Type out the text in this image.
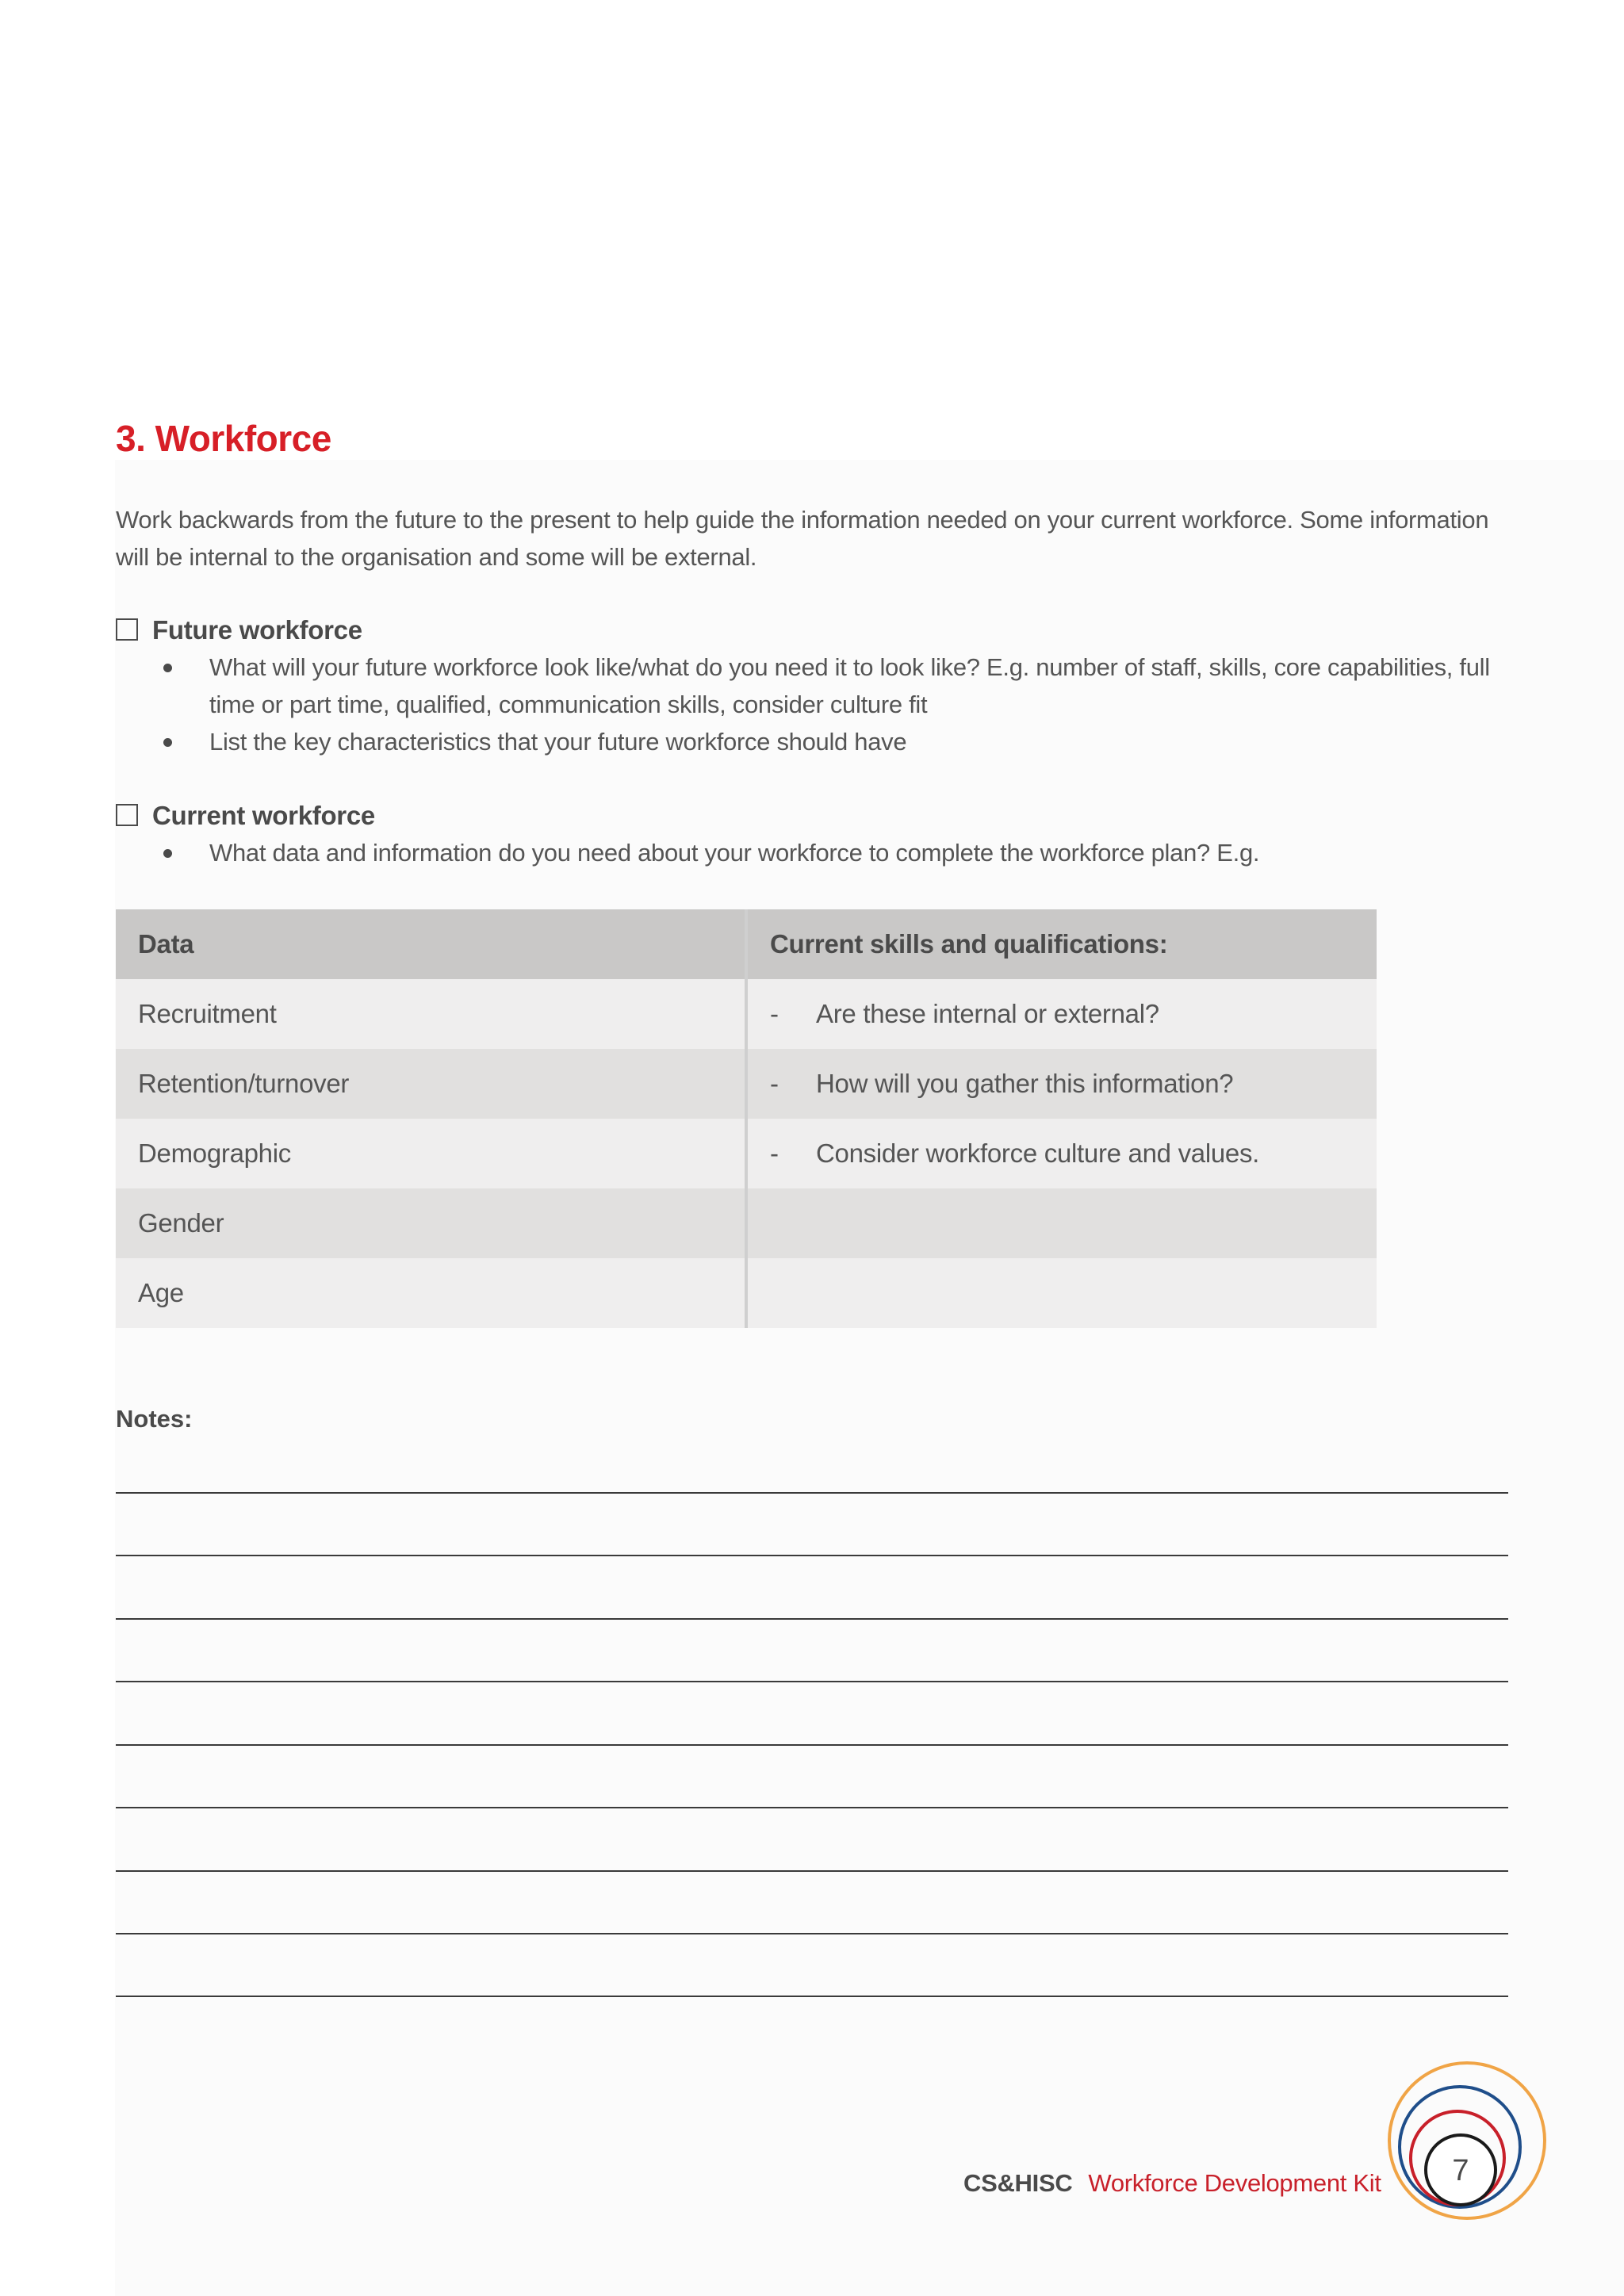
3. Workforce

Work backwards from the future to the present to help guide the information needed on your current workforce. Some information will be internal to the organisation and some will be external.

Future workforce
What will your future workforce look like/what do you need it to look like? E.g. number of staff, skills, core capabilities, full time or part time, qualified, communication skills, consider culture fit
List the key characteristics that your future workforce should have
Current workforce
What data and information do you need about your workforce to complete the workforce plan? E.g.
Data	Current skills and qualifications:
Recruitment	- Are these internal or external?
Retention/turnover	- How will you gather this information?
Demographic	- Consider workforce culture and values.
Gender	
Age	
Notes:
CS&HISC Workforce Development Kit 7
